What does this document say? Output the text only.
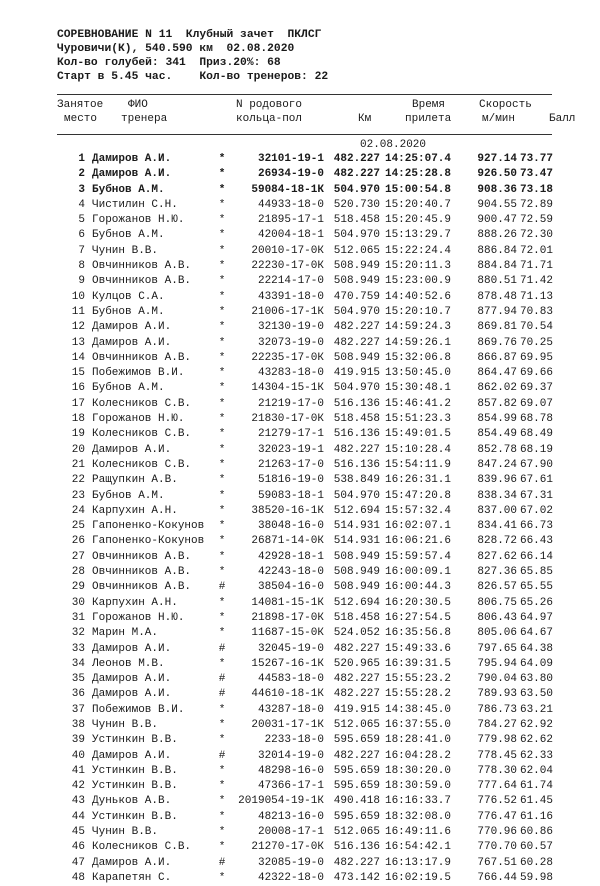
СОРЕВНОВАНИЕ N 11  Клубный зачет  ПКЛСГ
Чуровичи(К), 540.590 км  02.08.2020
Кол-во голубей: 341  Приз.20%: 68
Старт в 5.45 час.    Кол-во тренеров: 22
Занятое
место
ФИО
тренера
N родового
кольца-пол	Км
Время
прилета
Скорость
м/мин	Балл
02.08.2020
1 Дамиров А.И.	*	32101-19-1 482.227 14:25:07.4	927.14 73.77
2 Дамиров А.И.	*	26934-19-0 482.227 14:25:28.8	926.50 73.47
3 Бубнов А.М.	*	59084-18-1К 504.970 15:00:54.8	908.36 73.18
4 Чистилин С.Н.	*	44933-18-0 520.730 15:20:40.7	904.55 72.89
5 Горожанов Н.Ю.	*	21895-17-1 518.458 15:20:45.9	900.47 72.59
6 Бубнов А.М.	*	42004-18-1 504.970 15:13:29.7	888.26 72.30
7 Чунин В.В.	*	20010-17-0К 512.065 15:22:24.4	886.84 72.01
8 Овчинников А.В.	*	22230-17-0К 508.949 15:20:11.3	884.84 71.71
9 Овчинников А.В.	*	22214-17-0 508.949 15:23:00.9	880.51 71.42
10 Кулцов С.А.	*	43391-18-0 470.759 14:40:52.6	878.48 71.13
11 Бубнов А.М.	*	21006-17-1К 504.970 15:20:10.7	877.94 70.83
12 Дамиров А.И.	*	32130-19-0 482.227 14:59:24.3	869.81 70.54
13 Дамиров А.И.	*	32073-19-0 482.227 14:59:26.1	869.76 70.25
14 Овчинников А.В.	*	22235-17-0К 508.949 15:32:06.8	866.87 69.95
15 Побежимов В.И.	*	43283-18-0 419.915 13:50:45.0	864.47 69.66
16 Бубнов А.М.	*	14304-15-1К 504.970 15:30:48.1	862.02 69.37
17 Колесников С.В.	*	21219-17-0 516.136 15:46:41.2	857.82 69.07
18 Горожанов Н.Ю.	*	21830-17-0К 518.458 15:51:23.3	854.99 68.78
19 Колесников С.В.	*	21279-17-1 516.136 15:49:01.5	854.49 68.49
20 Дамиров А.И.	*	32023-19-1 482.227 15:10:28.4	852.78 68.19
21 Колесников С.В.	*	21263-17-0 516.136 15:54:11.9	847.24 67.90
22 Ращупкин А.В.	*	51816-19-0 538.849 16:26:31.1	839.96 67.61
23 Бубнов А.М.	*	59083-18-1 504.970 15:47:20.8	838.34 67.31
24 Карпухин А.Н.	*	38520-16-1К 512.694 15:57:32.4	837.00 67.02
25 Гапоненко-Кокунов *	38048-16-0 514.931 16:02:07.1	834.41 66.73
26 Гапоненко-Кокунов *	26871-14-0К 514.931 16:06:21.6	828.72 66.43
27 Овчинников А.В.	*	42928-18-1 508.949 15:59:57.4	827.62 66.14
28 Овчинников А.В.	*	42243-18-0 508.949 16:00:09.1	827.36 65.85
29 Овчинников А.В.	#	38504-16-0 508.949 16:00:44.3	826.57 65.55
30 Карпухин А.Н.	*	14081-15-1К 512.694 16:20:30.5	806.75 65.26
31 Горожанов Н.Ю.	*	21898-17-0К 518.458 16:27:54.5	806.43 64.97
32 Марин М.А.	*	11687-15-0К 524.052 16:35:56.8	805.06 64.67
33 Дамиров А.И.	#	32045-19-0 482.227 15:49:33.6	797.65 64.38
34 Леонов М.В.	*	15267-16-1К 520.965 16:39:31.5	795.94 64.09
35 Дамиров А.И.	#	44583-18-0 482.227 15:55:23.2	790.04 63.80
36 Дамиров А.И.	#	44610-18-1К 482.227 15:55:28.2	789.93 63.50
37 Побежимов В.И.	*	43287-18-0 419.915 14:38:45.0	786.73 63.21
38 Чунин В.В.	*	20031-17-1К 512.065 16:37:55.0	784.27 62.92
39 Устинкин В.В.	*	2233-18-0 595.659 18:28:41.0	779.98 62.62
40 Дамиров А.И.	#	32014-19-0 482.227 16:04:28.2	778.45 62.33
41 Устинкин В.В.	*	48298-16-0 595.659 18:30:20.0	778.30 62.04
42 Устинкин В.В.	*	47366-17-1 595.659 18:30:59.0	777.64 61.74
43 Дуньков А.В.	*	2019054-19-1К 490.418 16:16:33.7	776.52 61.45
44 Устинкин В.В.	*	48213-16-0 595.659 18:32:08.0	776.47 61.16
45 Чунин В.В.	*	20008-17-1 512.065 16:49:11.6	770.96 60.86
46 Колесников С.В.	*	21270-17-0К 516.136 16:54:42.1	770.70 60.57
47 Дамиров А.И.	#	32085-19-0 482.227 16:13:17.9	767.51 60.28
48 Карапетян С.	*	42322-18-0 473.142 16:02:19.5	766.44 59.98
